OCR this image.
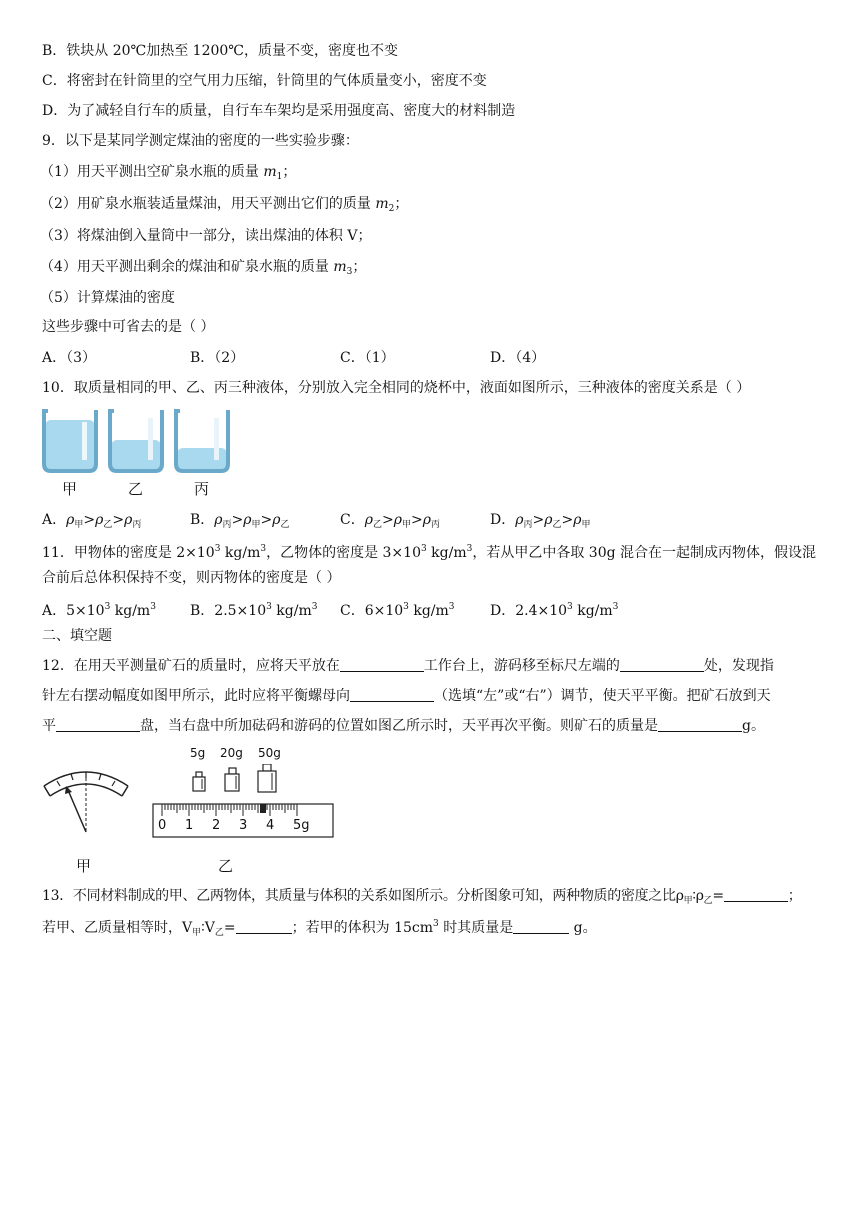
B．铁块从 20℃加热至 1200℃，质量不变，密度也不变
C．将密封在针筒里的空气用力压缩，针筒里的气体质量变小，密度不变
D．为了减轻自行车的质量，自行车车架均是采用强度高、密度大的材料制造
9．以下是某同学测定煤油的密度的一些实验步骤：
（1）用天平测出空矿泉水瓶的质量 $m_1$；
（2）用矿泉水瓶装适量煤油，用天平测出它们的质量 $m_2$；
（3）将煤油倒入量筒中一部分，读出煤油的体积 V；
（4）用天平测出剩余的煤油和矿泉水瓶的质量 $m_3$；
（5）计算煤油的密度
这些步骤中可省去的是（ ）
A．（3）	B．（2）	C．（1）	D．（4）
10．取质量相同的甲、乙、丙三种液体，分别放入完全相同的烧杯中，液面如图所示，三种液体的密度关系是（ ）
甲	乙	丙
A．$\rho_甲>\rho_乙>\rho_丙$	B．$\rho_丙>\rho_甲>\rho_乙$	C．$\rho_乙>\rho_甲>\rho_丙$	D．$\rho_丙>\rho_乙>\rho_甲$
11．甲物体的密度是 $2\times 10^3$ $kg/m^3$，乙物体的密度是 $3\times 10^3$ $kg/m^3$，若从甲乙中各取 30g 混合在一起制成丙物体，假设混
合前后总体积保持不变，则丙物体的密度是（ ）
A．$5\times 10^3$ $kg/m^3$ B．$2.5\times 10^3$ $kg/m^3$ C．$6\times 10^3$ $kg/m^3$	D．$2.4\times 10^3$ $kg/m^3$
二、填空题
12．在用天平测量矿石的质量时，应将天平放在	工作台上，游码移至标尺左端的	处，发现指
针左右摆动幅度如图甲所示，此时应将平衡螺母向	（选填“左”或“右”）调节，使天平平衡。把矿石放到天
平	盘，当右盘中所加砝码和游码的位置如图乙所示时，天平再次平衡。则矿石的质量是	g。
5g 20g 50g
0 1 2 3 4 5g
甲	乙
13．不同材料制成的甲、乙两物体，其质量与体积的关系如图所示。分析图象可知，两种物质的密度之比$\rho_甲∶\rho_乙=$	；
若甲、乙质量相等时，$V_甲∶V_乙=$	；若甲的体积为 $15cm^3$ 时其质量是	g。
